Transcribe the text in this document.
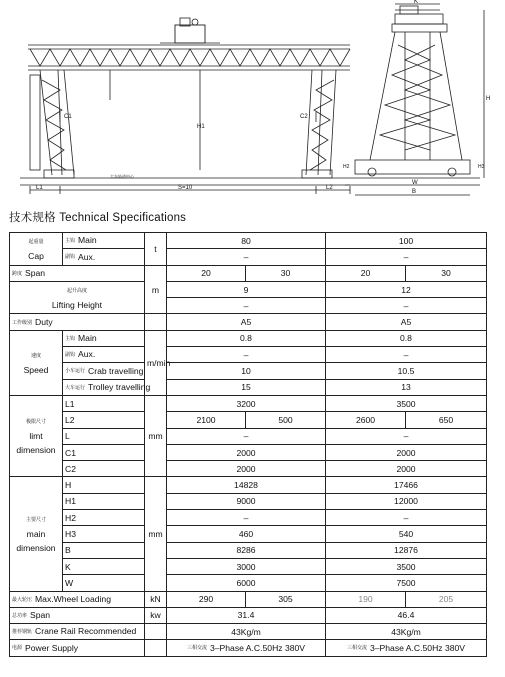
C1
H1
C2
L1	S=10	L2
大车轨道中心
K
H
H3
H2
W
B
技术规格 Technical Specifications
起重量
Cap	主钩 Main	t	80		100	
	副钩 Aux.		–		–	
跨度 Span		m	20	30	20	30

起升高度
Lifting Height			9		12	
			–		–	
工作级别 Duty			A5		A5	

速度
Speed	主钩 Main	m/min	0.8		0.8	
	副钩 Aux.		–		–	
	小车运行 Crab travelling		10		10.5	
	大车运行 Trolley travelling		15		13	

极限尺寸
limt
dimension	L1	mm	3200		3500	
	L2		2100	500	2600	650
	L		–		–	
	C1		2000		2000	
	C2		2000		2000	

主要尺寸
main
dimension	H	mm	14828		17466	
	H1		9000		12000	
	H2		–		–	
	H3		460		540	
	B		8286		12876	
	K		3000		3500	
	W		6000		7500	
最大轮压 Max.Wheel Loading		kN	290	305	190	205
总功率 Span		kw	31.4		46.4	
推荐钢轨 Crane Rail Recommended			43Kg/m		43Kg/m	
电源 Power Supply			三相交流 3–Phase A.C.50Hz 380V		三相交流 3–Phase A.C.50Hz 380V	
